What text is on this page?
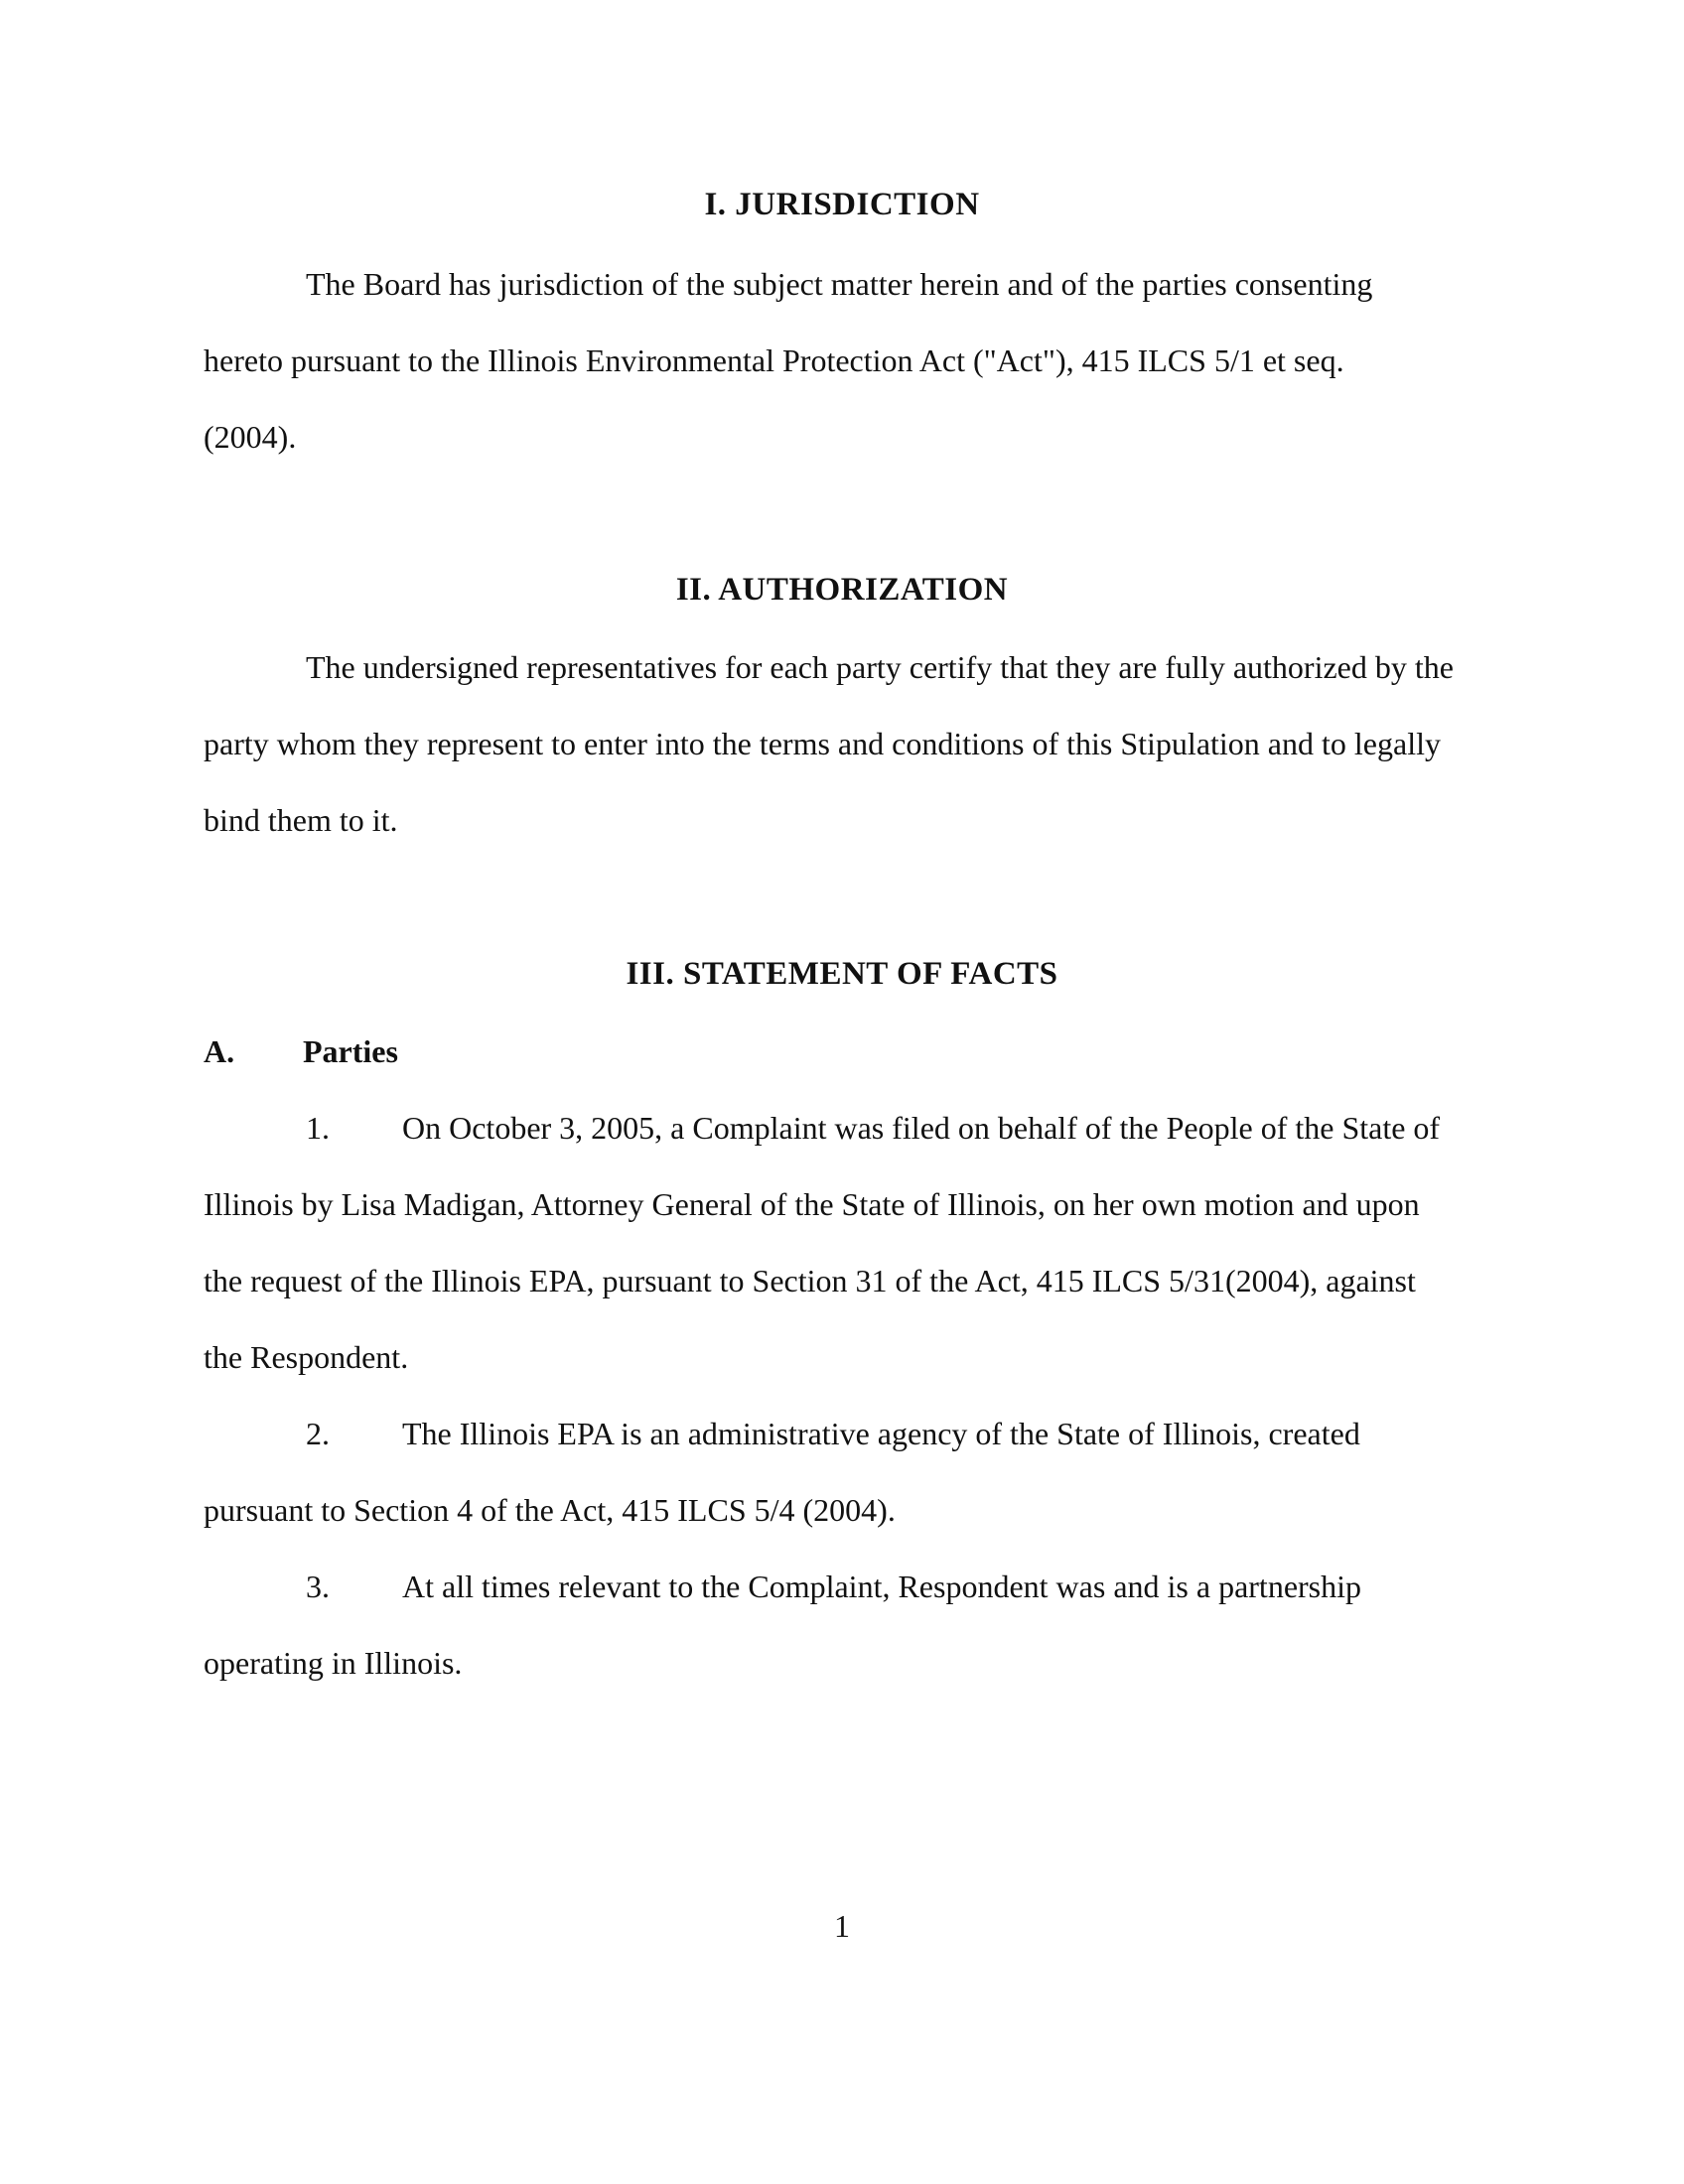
I. JURISDICTION
The Board has jurisdiction of the subject matter herein and of the parties consenting
hereto pursuant to the Illinois Environmental Protection Act ("Act"), 415 ILCS 5/1 et seq.
(2004).
II. AUTHORIZATION
The undersigned representatives for each party certify that they are fully authorized by the
party whom they represent to enter into the terms and conditions of this Stipulation and to legally
bind them to it.
III. STATEMENT OF FACTS
A. Parties
1. On October 3, 2005, a Complaint was filed on behalf of the People of the State of
Illinois by Lisa Madigan, Attorney General of the State of Illinois, on her own motion and upon
the request of the Illinois EPA, pursuant to Section 31 of the Act, 415 ILCS 5/31(2004), against
the Respondent.
2. The Illinois EPA is an administrative agency of the State of Illinois, created
pursuant to Section 4 of the Act, 415 ILCS 5/4 (2004).
3. At all times relevant to the Complaint, Respondent was and is a partnership
operating in Illinois.
1
